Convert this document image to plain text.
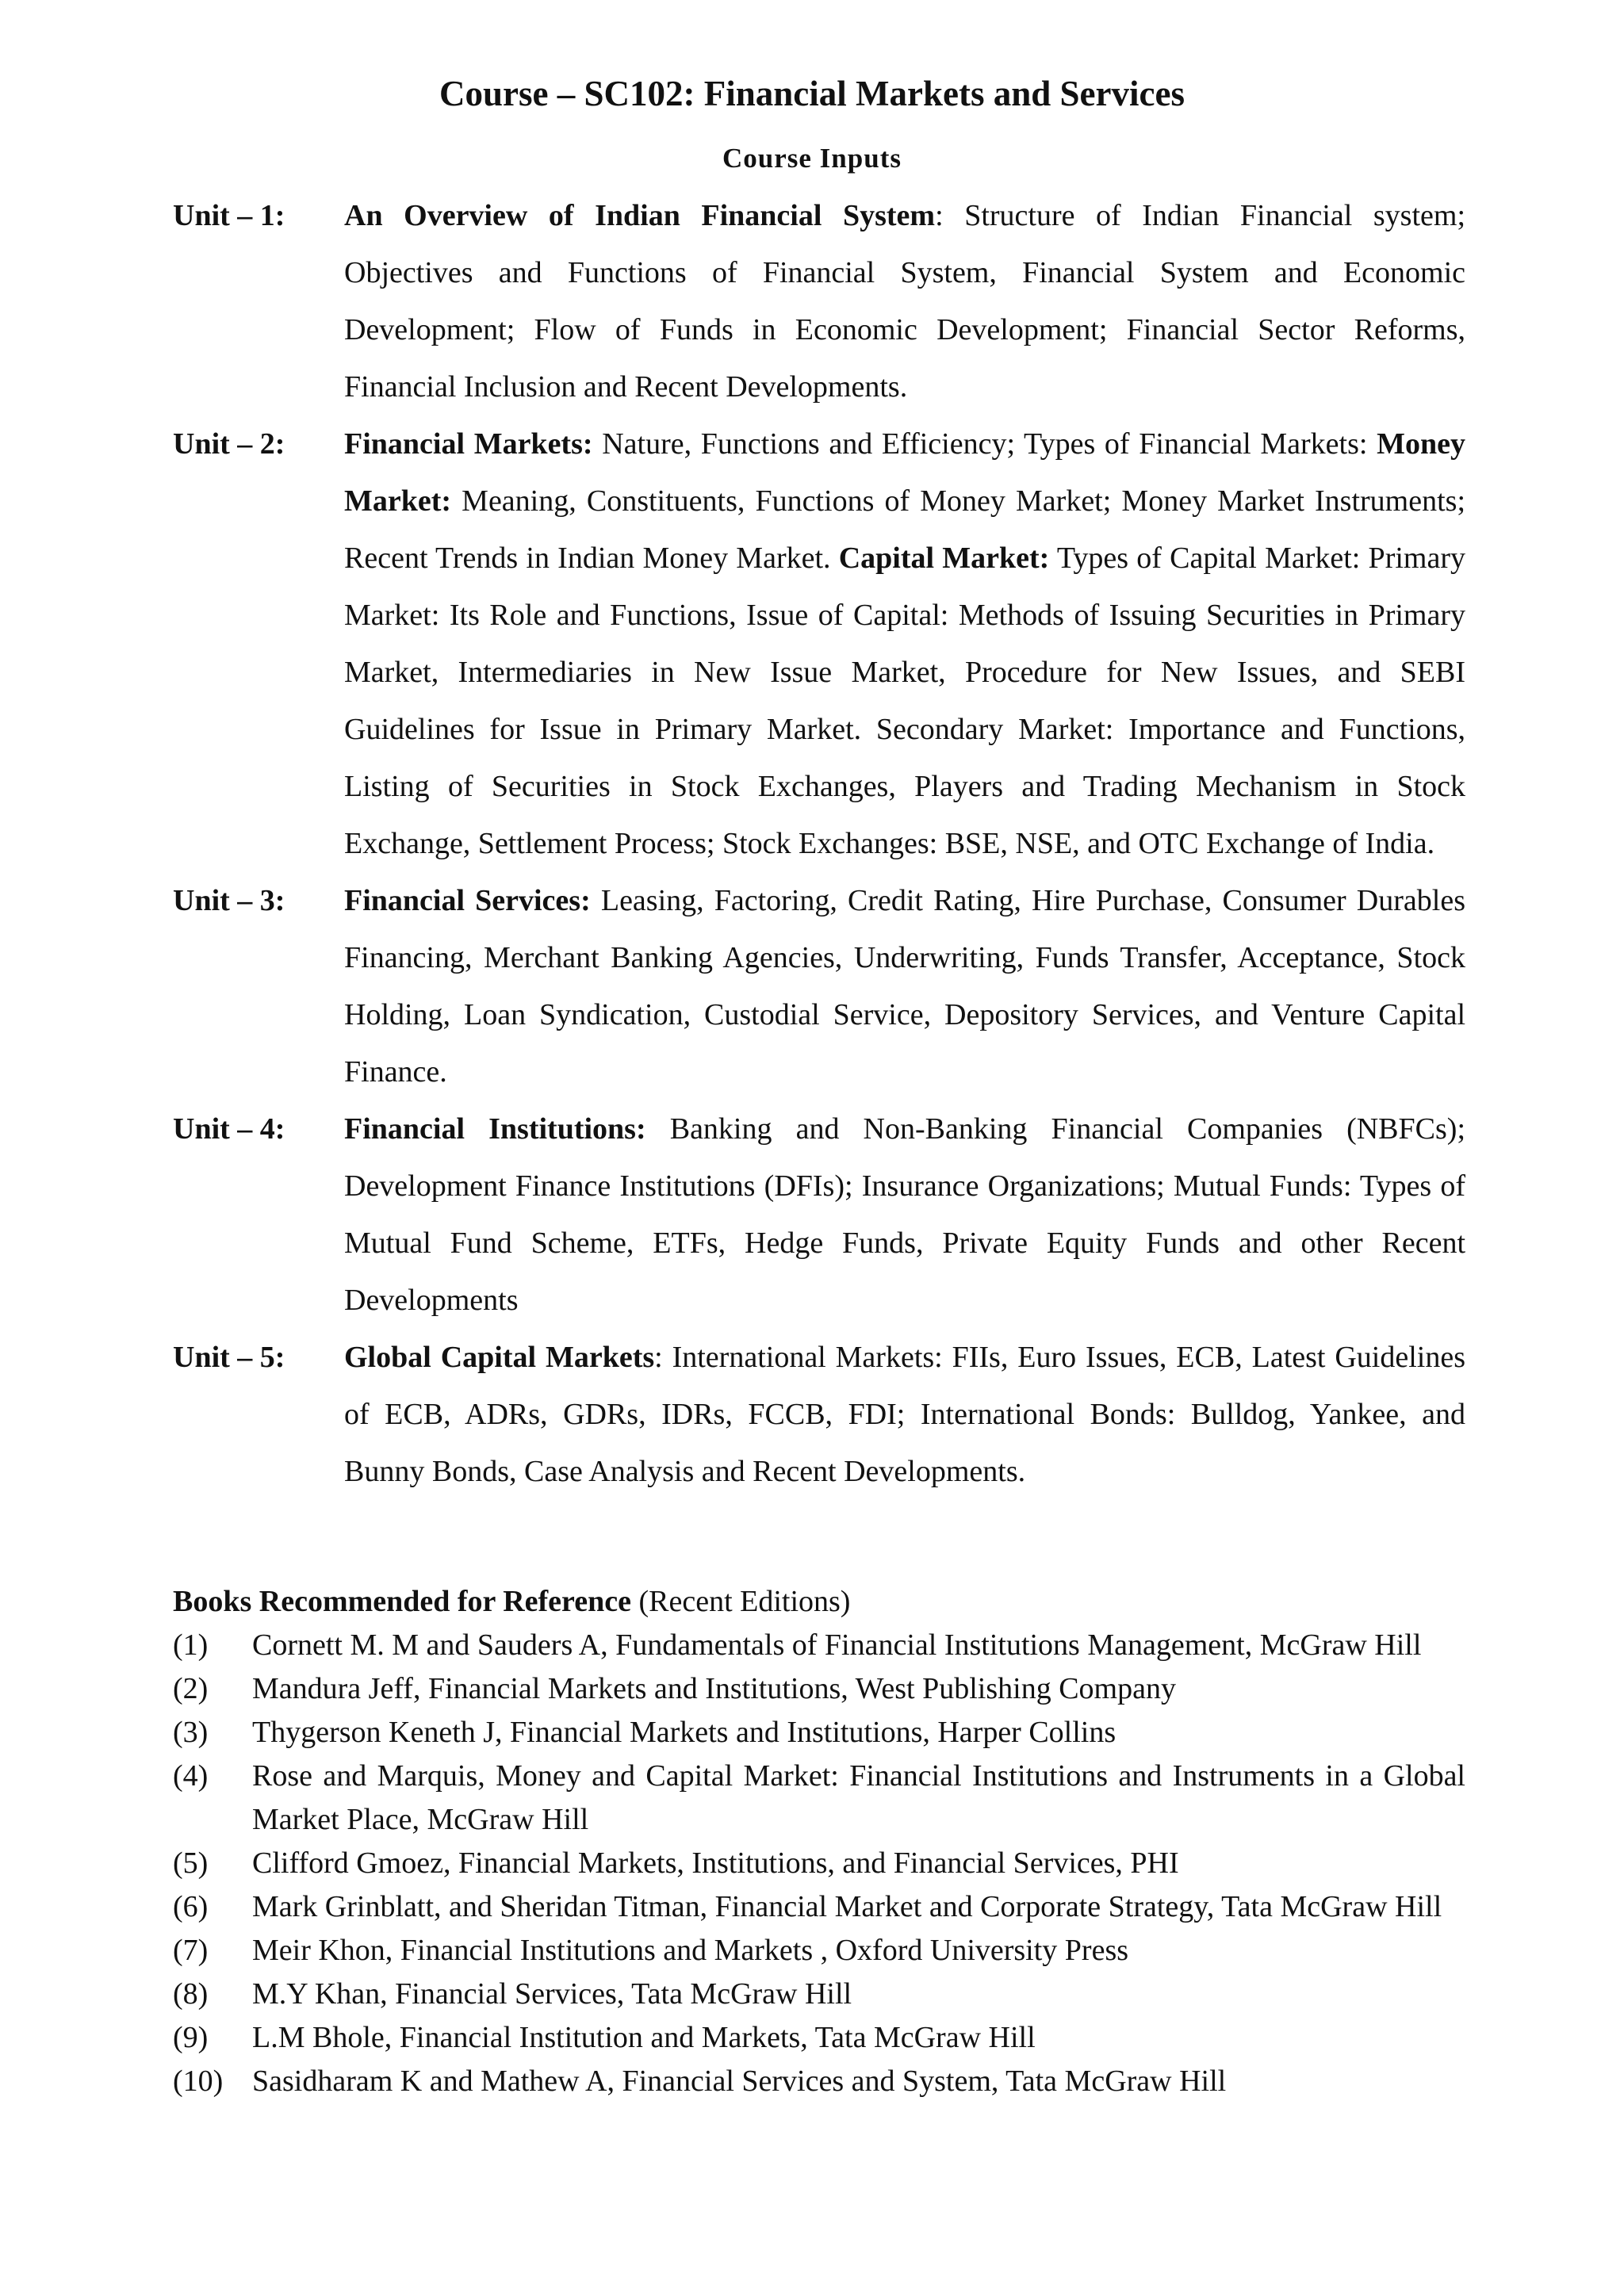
Course – SC102: Financial Markets and Services
Course Inputs
Unit – 1: An Overview of Indian Financial System: Structure of Indian Financial system; Objectives and Functions of Financial System, Financial System and Economic Development; Flow of Funds in Economic Development; Financial Sector Reforms, Financial Inclusion and Recent Developments.
Unit – 2: Financial Markets: Nature, Functions and Efficiency; Types of Financial Markets: Money Market: Meaning, Constituents, Functions of Money Market; Money Market Instruments; Recent Trends in Indian Money Market. Capital Market: Types of Capital Market: Primary Market: Its Role and Functions, Issue of Capital: Methods of Issuing Securities in Primary Market, Intermediaries in New Issue Market, Procedure for New Issues, and SEBI Guidelines for Issue in Primary Market. Secondary Market: Importance and Functions, Listing of Securities in Stock Exchanges, Players and Trading Mechanism in Stock Exchange, Settlement Process; Stock Exchanges: BSE, NSE, and OTC Exchange of India.
Unit – 3: Financial Services: Leasing, Factoring, Credit Rating, Hire Purchase, Consumer Durables Financing, Merchant Banking Agencies, Underwriting, Funds Transfer, Acceptance, Stock Holding, Loan Syndication, Custodial Service, Depository Services, and Venture Capital Finance.
Unit – 4: Financial Institutions: Banking and Non-Banking Financial Companies (NBFCs); Development Finance Institutions (DFIs); Insurance Organizations; Mutual Funds: Types of Mutual Fund Scheme, ETFs, Hedge Funds, Private Equity Funds and other Recent Developments
Unit – 5: Global Capital Markets: International Markets: FIIs, Euro Issues, ECB, Latest Guidelines of ECB, ADRs, GDRs, IDRs, FCCB, FDI; International Bonds: Bulldog, Yankee, and Bunny Bonds, Case Analysis and Recent Developments.
Books Recommended for Reference (Recent Editions)
(1) Cornett M. M and Sauders A, Fundamentals of Financial Institutions Management, McGraw Hill
(2) Mandura Jeff, Financial Markets and Institutions, West Publishing Company
(3) Thygerson Keneth J, Financial Markets and Institutions, Harper Collins
(4) Rose and Marquis, Money and Capital Market: Financial Institutions and Instruments in a Global Market Place, McGraw Hill
(5) Clifford Gmoez, Financial Markets, Institutions, and Financial Services, PHI
(6) Mark Grinblatt, and Sheridan Titman, Financial Market and Corporate Strategy, Tata McGraw Hill
(7) Meir Khon, Financial Institutions and Markets , Oxford University Press
(8) M.Y Khan, Financial Services, Tata McGraw Hill
(9) L.M Bhole, Financial Institution and Markets, Tata McGraw Hill
(10) Sasidharam K and Mathew A, Financial Services and System, Tata McGraw Hill
